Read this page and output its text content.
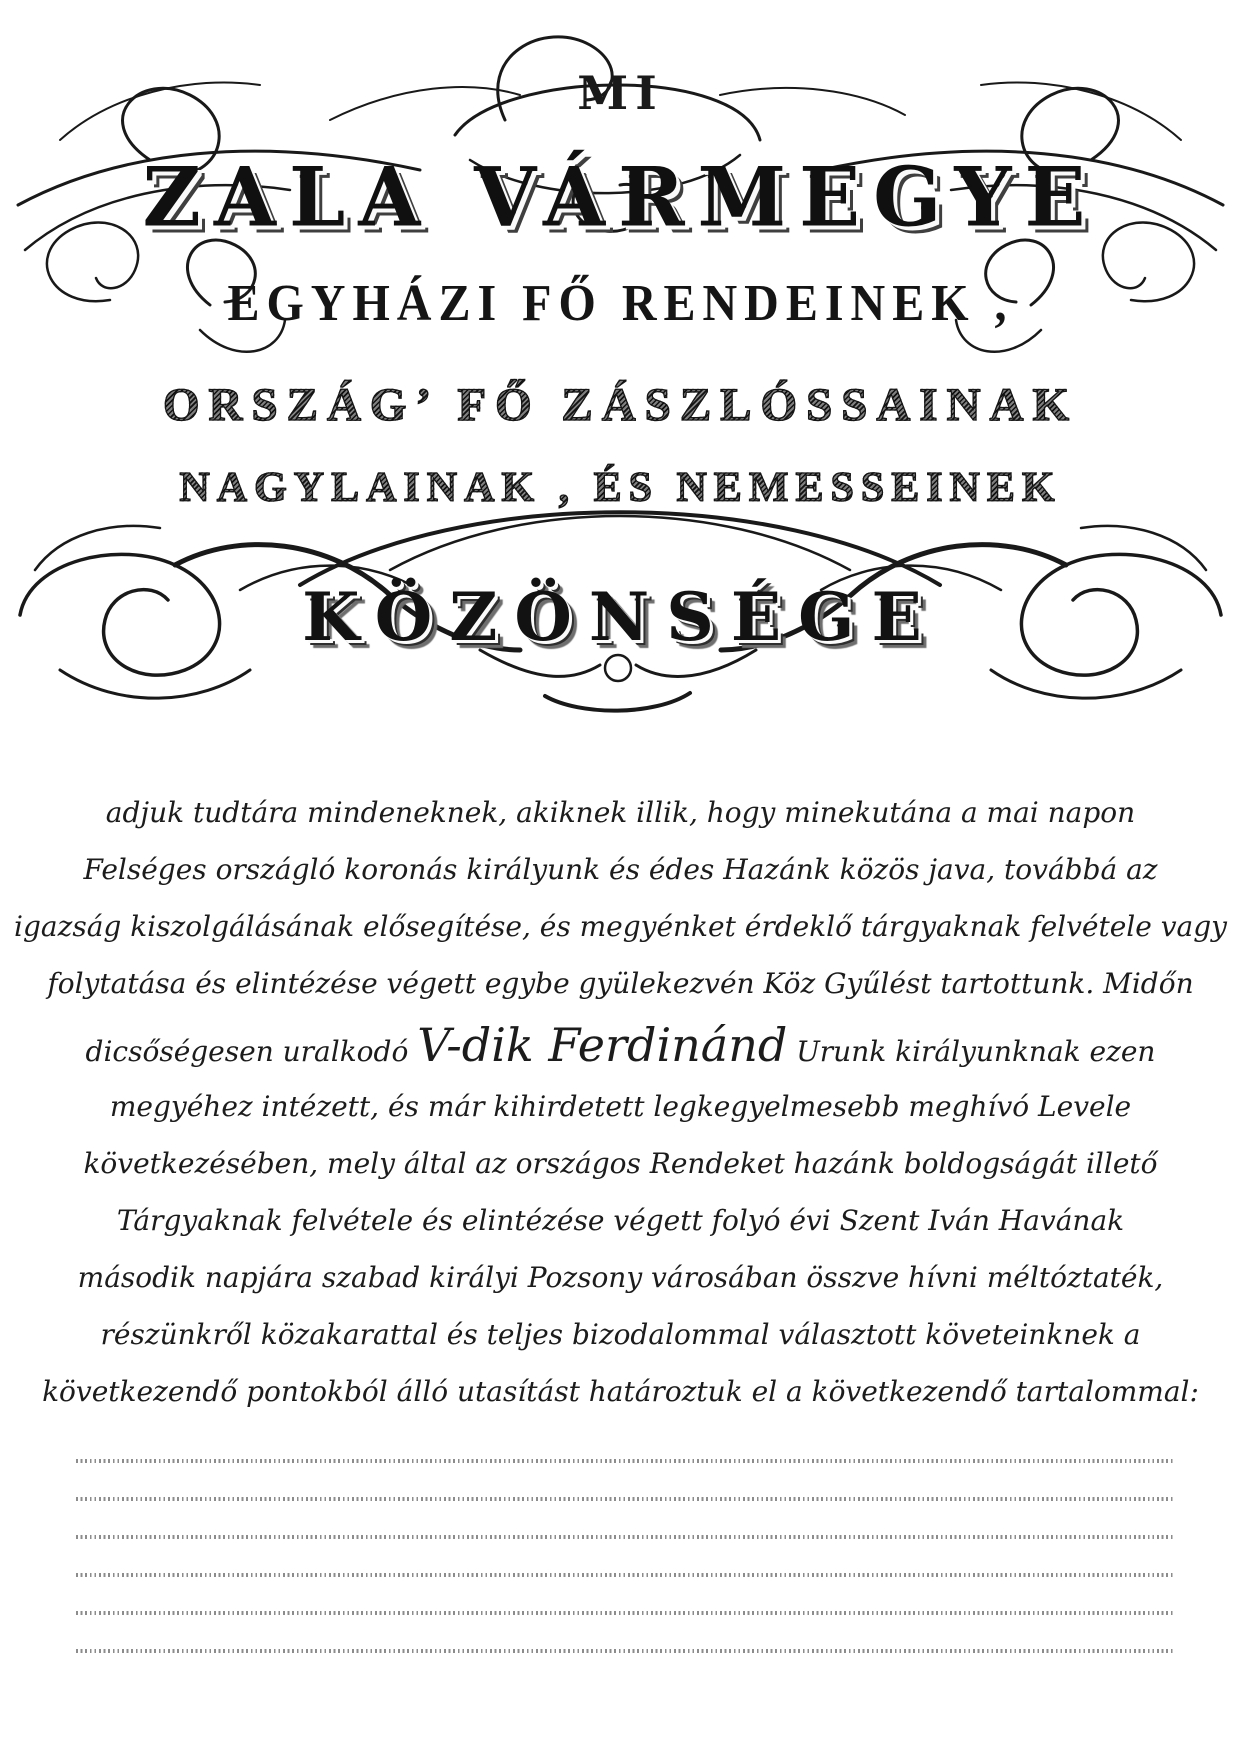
MI
ZALA VÁRMEGYE
EGYHÁZI FŐ RENDEINEK ,
ORSZÁG’ FŐ ZÁSZLÓSSAINAK
NAGYLAINAK , ÉS NEMESSEINEK
KÖZÖNSÉGE
adjuk tudtára mindeneknek, akiknek illik, hogy minekutána a mai napon
Felséges országló koronás királyunk és édes Hazánk közös java, továbbá az
igazság kiszolgálásának elősegítése, és megyénket érdeklő tárgyaknak felvétele vagy
folytatása és elintézése végett egybe gyülekezvén Köz Gyűlést tartottunk. Midőn
dicsőségesen uralkodó V-dik Ferdinánd Urunk királyunknak ezen
megyéhez intézett, és már kihirdetett legkegyelmesebb meghívó Levele
következésében, mely által az országos Rendeket hazánk boldogságát illető
Tárgyaknak felvétele és elintézése végett folyó évi Szent Iván Havának
második napjára szabad királyi Pozsony városában összve hívni méltóztaték,
részünkről közakarattal és teljes bizodalommal választott követeinknek a
következendő pontokból álló utasítást határoztuk el a következendő tartalommal:
